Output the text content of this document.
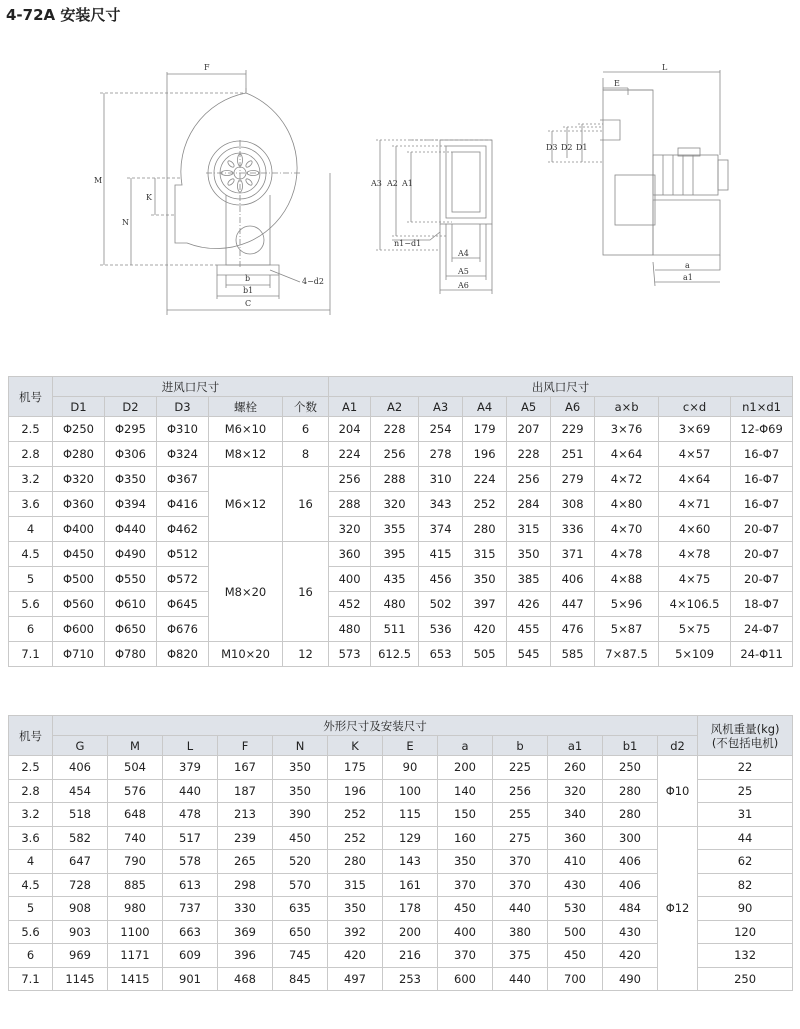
4-72A 安装尺寸
F
M
N
K
b
b1
C
4−d2
A3 A2 A1
n1−d1
A4
A5
A6
E
L
D3 D2 D1
a
a1
机号	进风口尺寸					出风口尺寸								
	D1	D2	D3	螺栓	个数	A1	A2	A3	A4	A5	A6	a×b	c×d	n1×d1
2.5	Φ250	Φ295	Φ310	M6×10	6	204	228	254	179	207	229	3×76	3×69	12-Φ69
2.8	Φ280	Φ306	Φ324	M8×12	8	224	256	278	196	228	251	4×64	4×57	16-Φ7
3.2	Φ320	Φ350	Φ367	M6×12	16	256	288	310	224	256	279	4×72	4×64	16-Φ7
3.6	Φ360	Φ394	Φ416			288	320	343	252	284	308	4×80	4×71	16-Φ7
4	Φ400	Φ440	Φ462			320	355	374	280	315	336	4×70	4×60	20-Φ7
4.5	Φ450	Φ490	Φ512	M8×20	16	360	395	415	315	350	371	4×78	4×78	20-Φ7
5	Φ500	Φ550	Φ572			400	435	456	350	385	406	4×88	4×75	20-Φ7
5.6	Φ560	Φ610	Φ645			452	480	502	397	426	447	5×96	4×106.5	18-Φ7
6	Φ600	Φ650	Φ676			480	511	536	420	455	476	5×87	5×75	24-Φ7
7.1	Φ710	Φ780	Φ820	M10×20	12	573	612.5	653	505	545	585	7×87.5	5×109	24-Φ11
机号	外形尺寸及安装尺寸												风机重量(kg)
(不包括电机)

	G	M	L	F	N	K	E	a	b	a1	b1	d2	
2.5	406	504	379	167	350	175	90	200	225	260	250	Φ10	22
2.8	454	576	440	187	350	196	100	140	256	320	280		25
3.2	518	648	478	213	390	252	115	150	255	340	280		31
3.6	582	740	517	239	450	252	129	160	275	360	300	Φ12	44
4	647	790	578	265	520	280	143	350	370	410	406		62
4.5	728	885	613	298	570	315	161	370	370	430	406		82
5	908	980	737	330	635	350	178	450	440	530	484		90
5.6	903	1100	663	369	650	392	200	400	380	500	430		120
6	969	1171	609	396	745	420	216	370	375	450	420		132
7.1	1145	1415	901	468	845	497	253	600	440	700	490		250
